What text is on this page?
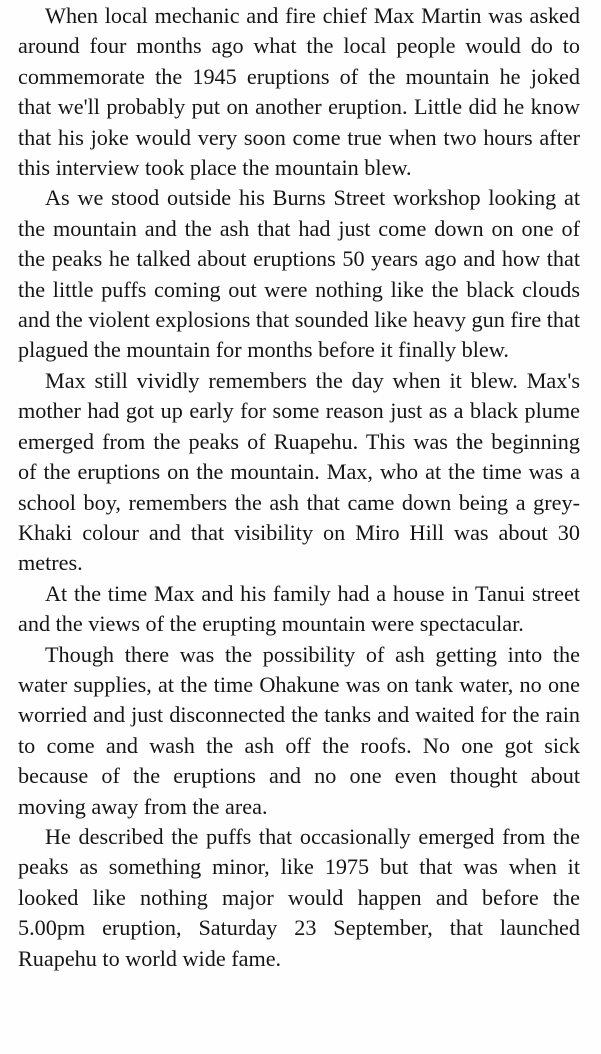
When local mechanic and fire chief Max Martin was asked around four months ago what the local people would do to commemorate the 1945 eruptions of the mountain he joked that we'll probably put on another eruption. Little did he know that his joke would very soon come true when two hours after this interview took place the mountain blew.

As we stood outside his Burns Street workshop looking at the mountain and the ash that had just come down on one of the peaks he talked about eruptions 50 years ago and how that the little puffs coming out were nothing like the black clouds and the violent explosions that sounded like heavy gun fire that plagued the mountain for months before it finally blew.

Max still vividly remembers the day when it blew. Max's mother had got up early for some reason just as a black plume emerged from the peaks of Ruapehu. This was the beginning of the eruptions on the mountain. Max, who at the time was a school boy, remembers the ash that came down being a grey-Khaki colour and that visibility on Miro Hill was about 30 metres.

At the time Max and his family had a house in Tanui street and the views of the erupting mountain were spectacular.

Though there was the possibility of ash getting into the water supplies, at the time Ohakune was on tank water, no one worried and just disconnected the tanks and waited for the rain to come and wash the ash off the roofs. No one got sick because of the eruptions and no one even thought about moving away from the area.

He described the puffs that occasionally emerged from the peaks as something minor, like 1975 but that was when it looked like nothing major would happen and before the 5.00pm eruption, Saturday 23 September, that launched Ruapehu to world wide fame.
